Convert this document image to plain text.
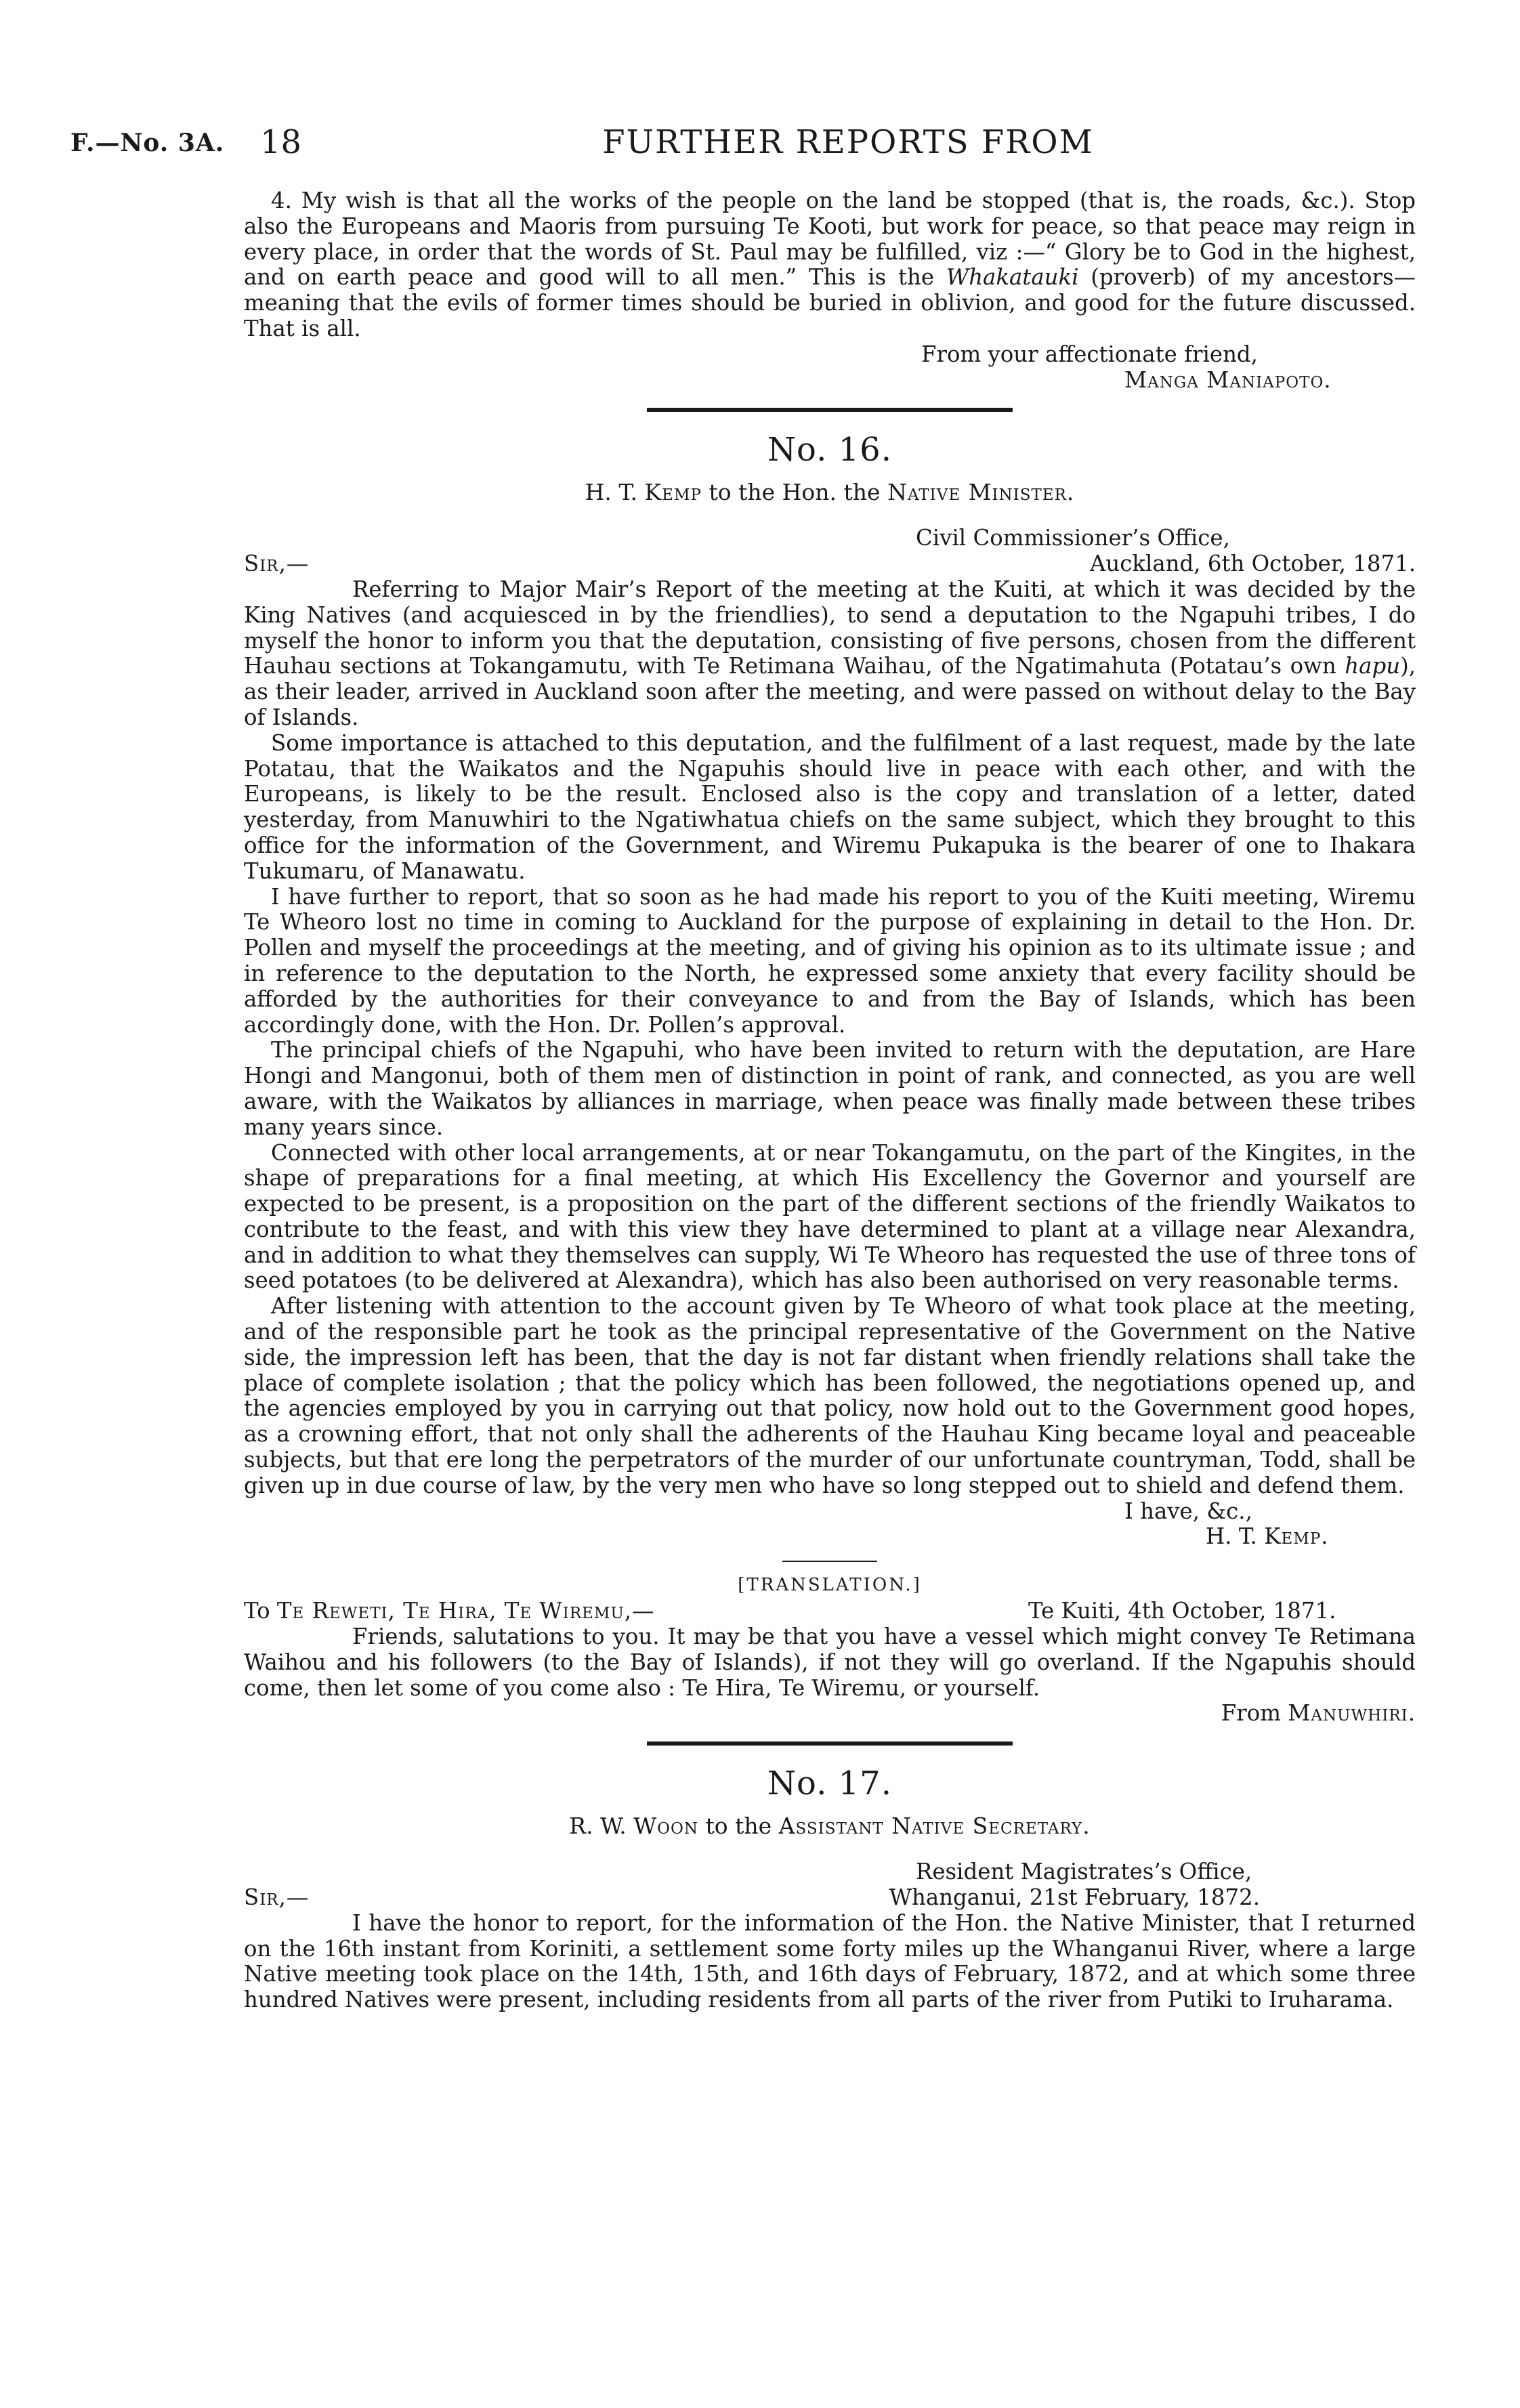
F.—No. 3A. 18	FURTHER REPORTS FROM

4. My wish is that all the works of the people on the land be stopped (that is, the roads, &c.). Stop also the Europeans and Maoris from pursuing Te Kooti, but work for peace, so that peace may reign in every place, in order that the words of St. Paul may be fulfilled, viz :—“ Glory be to God in the highest, and on earth peace and good will to all men.” This is the Whakatauki (proverb) of my ancestors—meaning that the evils of former times should be buried in oblivion, and good for the future discussed. That is all.

From your affectionate friend,

Manga Maniapoto.

No. 16.
H. T. Kemp to the Hon. the Native Minister.

Civil Commissioner’s Office,

Sir,—	Auckland, 6th October, 1871.

Referring to Major Mair’s Report of the meeting at the Kuiti, at which it was decided by the King Natives (and acquiesced in by the friendlies), to send a deputation to the Ngapuhi tribes, I do myself the honor to inform you that the deputation, consisting of five persons, chosen from the different Hauhau sections at Tokangamutu, with Te Retimana Waihau, of the Ngatimahuta (Potatau’s own hapu), as their leader, arrived in Auckland soon after the meeting, and were passed on without delay to the Bay of Islands.

Some importance is attached to this deputation, and the fulfilment of a last request, made by the late Potatau, that the Waikatos and the Ngapuhis should live in peace with each other, and with the Europeans, is likely to be the result. Enclosed also is the copy and translation of a letter, dated yesterday, from Manuwhiri to the Ngatiwhatua chiefs on the same subject, which they brought to this office for the information of the Government, and Wiremu Pukapuka is the bearer of one to Ihakara Tukumaru, of Manawatu.

I have further to report, that so soon as he had made his report to you of the Kuiti meeting, Wiremu Te Wheoro lost no time in coming to Auckland for the purpose of explaining in detail to the Hon. Dr. Pollen and myself the proceedings at the meeting, and of giving his opinion as to its ultimate issue ; and in reference to the deputation to the North, he expressed some anxiety that every facility should be afforded by the authorities for their conveyance to and from the Bay of Islands, which has been accordingly done, with the Hon. Dr. Pollen’s approval.

The principal chiefs of the Ngapuhi, who have been invited to return with the deputation, are Hare Hongi and Mangonui, both of them men of distinction in point of rank, and connected, as you are well aware, with the Waikatos by alliances in marriage, when peace was finally made between these tribes many years since.

Connected with other local arrangements, at or near Tokangamutu, on the part of the Kingites, in the shape of preparations for a final meeting, at which His Excellency the Governor and yourself are expected to be present, is a proposition on the part of the different sections of the friendly Waikatos to contribute to the feast, and with this view they have determined to plant at a village near Alexandra, and in addition to what they themselves can supply, Wi Te Wheoro has requested the use of three tons of seed potatoes (to be delivered at Alexandra), which has also been authorised on very reasonable terms.

After listening with attention to the account given by Te Wheoro of what took place at the meeting, and of the responsible part he took as the principal representative of the Government on the Native side, the impression left has been, that the day is not far distant when friendly relations shall take the place of complete isolation ; that the policy which has been followed, the negotiations opened up, and the agencies employed by you in carrying out that policy, now hold out to the Government good hopes, as a crowning effort, that not only shall the adherents of the Hauhau King became loyal and peaceable subjects, but that ere long the perpetrators of the murder of our unfortunate countryman, Todd, shall be given up in due course of law, by the very men who have so long stepped out to shield and defend them.

I have, &c.,

H. T. Kemp.

[TRANSLATION.]
To Te Reweti, Te Hira, Te Wiremu,—	Te Kuiti, 4th October, 1871.

Friends, salutations to you. It may be that you have a vessel which might convey Te Retimana Waihou and his followers (to the Bay of Islands), if not they will go overland. If the Ngapuhis should come, then let some of you come also : Te Hira, Te Wiremu, or yourself.

From Manuwhiri.

No. 17.
R. W. Woon to the Assistant Native Secretary.

Resident Magistrates’s Office,

Sir,—	Whanganui, 21st February, 1872.

I have the honor to report, for the information of the Hon. the Native Minister, that I returned on the 16th instant from Koriniti, a settlement some forty miles up the Whanganui River, where a large Native meeting took place on the 14th, 15th, and 16th days of February, 1872, and at which some three hundred Natives were present, including residents from all parts of the river from Putiki to Iruharama.
